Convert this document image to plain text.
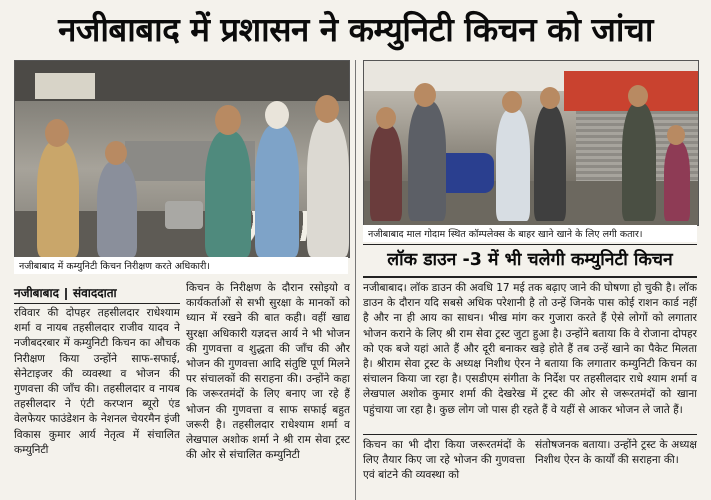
नजीबाबाद में प्रशासन ने कम्युनिटी किचन को जांचा
नजीबाबाद में कम्युनिटी किचन निरीक्षण करते अधिकारी।
नजीबाबाद माल गोदाम स्थित कॉम्पलेक्स के बाहर खाने खाने के लिए लगी कतार।
लॉक डाउन -3 में भी चलेगी कम्युनिटी किचन
नजीबाबाद संवाददाता

रविवार की दोपहर तहसीलदार राधेश्याम शर्मा व नायब तहसीलदार राजीव यादव ने नजीबदरबार में कम्युनिटी किचन का औचक निरीक्षण किया उन्होंने साफ-सफाई, सेनेटाइजर की व्यवस्था व भोजन की गुणवत्ता की जाँच की। तहसीलदार व नायब तहसीलदार ने एंटी करप्शन ब्यूरो एंड वेलफेयर फाउंडेशन के नेशनल चेयरमैन इंजी विकास कुमार आर्य नेतृत्व में संचालित कम्युनिटी

किचन के निरीक्षण के दौरान रसोइयो व कार्यकर्ताओं से सभी सुरक्षा के मानकों को ध्यान में रखने की बात कही। वहीं खाद्य सुरक्षा अधिकारी यज्ञदत्त आर्य ने भी भोजन की गुणवत्ता व शुद्धता की जाँच की और भोजन की गुणवत्ता आदि संतुष्टि पूर्ण मिलने पर संचालकों की सराहना की। उन्होंने कहा कि जरूरतमंदों के लिए बनाए जा रहे हैं भोजन की गुणवत्ता व साफ सफाई बहुत जरूरी है। तहसीलदार राधेश्याम शर्मा व लेखपाल अशोक शर्मा ने श्री राम सेवा ट्रस्ट की ओर से संचालित कम्युनिटी

नजीबाबाद। लॉक डाउन की अवधि 17 मई तक बढ़ाए जाने की घोषणा हो चुकी है। लॉक डाउन के दौरान यदि सबसे अधिक परेशानी है तो उन्हें जिनके पास कोई राशन कार्ड नहीं है और ना ही आय का साधन। भीख मांग कर गुजारा करते हैं ऐसे लोगों को लगातार भोजन कराने के लिए श्री राम सेवा ट्रस्ट जुटा हुआ है। उन्होंने बताया कि वे रोजाना दोपहर को एक बजे यहां आते हैं और दूरी बनाकर खड़े होते हैं तब उन्हें खाने का पैकेट मिलता है। श्रीराम सेवा ट्रस्ट के अध्यक्ष निशीथ ऐरन ने बताया कि लगातार कम्युनिटी किचन का संचालन किया जा रहा है। एसडीएम संगीता के निर्देश पर तहसीलदार राधे श्याम शर्मा व लेखपाल अशोक कुमार शर्मा की देखरेख में ट्रस्ट की ओर से जरूरतमंदों को खाना पहुंचाया जा रहा है। कुछ लोग जो पास ही रहते हैं वे यहीं से आकर भोजन ले जाते हैं।

किचन का भी दौरा किया जरूरतमंदों के लिए तैयार किए जा रहे भोजन की गुणवत्ता एवं बांटने की व्यवस्था को

संतोषजनक बताया। उन्होंने ट्रस्ट के अध्यक्ष निशीथ ऐरन के कार्यों की सराहना की।
